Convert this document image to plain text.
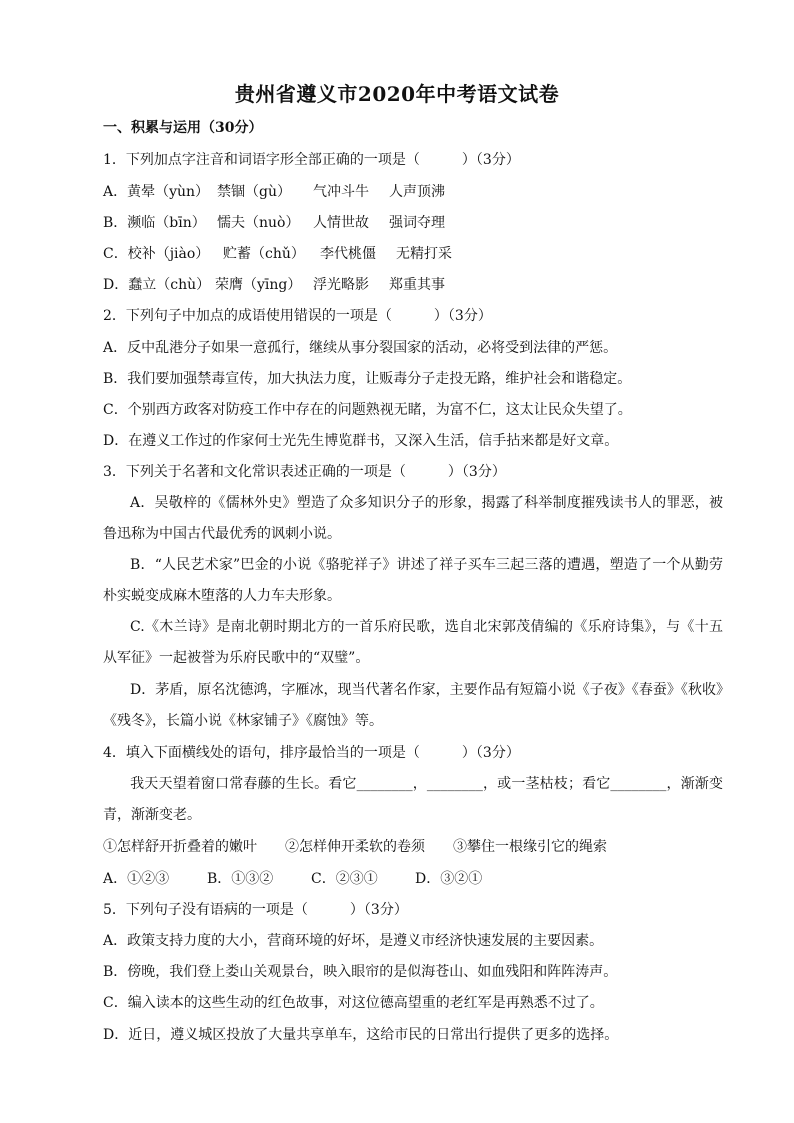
贵州省遵义市2020年中考语文试卷
一、积累与运用（30分）
1．下列加点字注音和词语字形全部正确的一项是（　　　）（3分）
A．黄晕（yùn） 禁锢（gù）	气冲斗牛	人声顶沸
B．濒临（bīn） 懦夫（nuò） 人情世故	强词夺理
C．校补（jiào） 贮蓄（chǔ）	李代桃僵	无精打采
D．蠢立（chù） 荣膺（yīng） 浮光略影	郑重其事
2．下列句子中加点的成语使用错误的一项是（　　　）（3分）
A．反中乱港分子如果一意孤行，继续从事分裂国家的活动，必将受到法律的严惩。
B．我们要加强禁毒宣传，加大执法力度，让贩毒分子走投无路，维护社会和谐稳定。
C．个别西方政客对防疫工作中存在的问题熟视无睹，为富不仁，这太让民众失望了。
D．在遵义工作过的作家何士光先生博览群书，又深入生活，信手拈来都是好文章。
3．下列关于名著和文化常识表述正确的一项是（　　　）（3分）
A．吴敬梓的《儒林外史》塑造了众多知识分子的形象，揭露了科举制度摧残读书人的罪恶，被鲁迅称为中国古代最优秀的讽刺小说。
B．“人民艺术家”巴金的小说《骆驼祥子》讲述了祥子买车三起三落的遭遇，塑造了一个从勤劳朴实蜕变成麻木堕落的人力车夫形象。
C.《木兰诗》是南北朝时期北方的一首乐府民歌，选自北宋郭茂倩编的《乐府诗集》，与《十五从军征》一起被誉为乐府民歌中的“双璧”。
D．茅盾，原名沈德鸿，字雁冰，现当代著名作家，主要作品有短篇小说《子夜》《春蚕》《秋收》《残冬》，长篇小说《林家铺子》《腐蚀》等。
4．填入下面横线处的语句，排序最恰当的一项是（　　　）（3分）
我天天望着窗口常春藤的生长。看它________，________，或一茎枯枝；看它________，渐渐变青，渐渐变老。
①怎样舒开折叠着的嫩叶	②怎样伸开柔软的卷须	③攀住一根缘引它的绳索
A．①②③	B．①③②	C．②③①	D．③②①
5．下列句子没有语病的一项是（　　　）（3分）
A．政策支持力度的大小，营商环境的好坏，是遵义市经济快速发展的主要因素。
B．傍晚，我们登上娄山关观景台，映入眼帘的是似海苍山、如血残阳和阵阵涛声。
C．编入读本的这些生动的红色故事，对这位德高望重的老红军是再熟悉不过了。
D．近日，遵义城区投放了大量共享单车，这给市民的日常出行提供了更多的选择。
